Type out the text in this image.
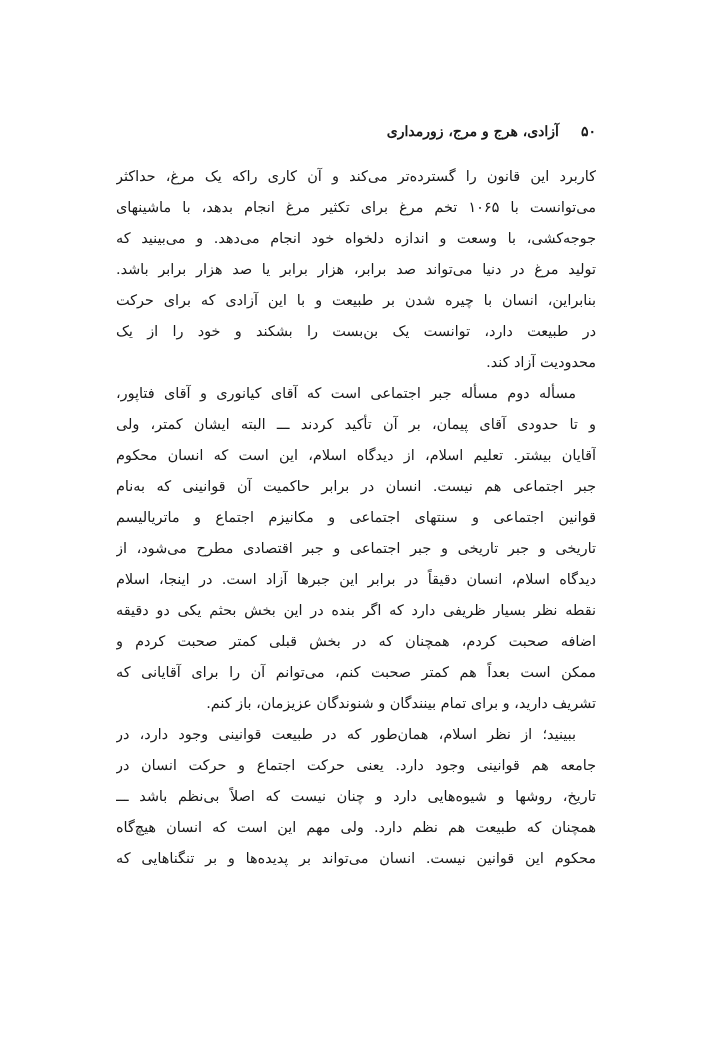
۵۰
آزادی، هرج و مرج، زورمداری
کاربرد این قانون را گسترده‌تر می‌کند و آن کاری راکه یک مرغ، حداکثر
می‌توانست با ۱۰۶۵ تخم مرغ برای تکثیر مرغ انجام بدهد، با ماشینهای
جوجه‌کشی، با وسعت و اندازه دلخواه خود انجام می‌دهد. و می‌بینید که
تولید مرغ در دنیا می‌تواند صد برابر، هزار برابر یا صد هزار برابر باشد.
بنابراین، انسان با چیره شدن بر طبیعت و با این آزادی که برای حرکت
در طبیعت دارد، توانست یک بن‌بست را بشکند و خود را از یک
محدودیت آزاد کند.
مسأله دوم مسأله جبر اجتماعی است که آقای کیانوری و آقای فتاپور،
و تا حدودی آقای پیمان، بر آن تأکید کردند ـــ البته ایشان کمتر، ولی
آقایان بیشتر. تعلیم اسلام، از دیدگاه اسلام، این است که انسان محکوم
جبر اجتماعی هم نیست. انسان در برابر حاکمیت آن قوانینی که به‌نام
قوانین اجتماعی و سنتهای اجتماعی و مکانیزم اجتماع و ماتریالیسم
تاریخی و جبر تاریخی و جبر اجتماعی و جبر اقتصادی مطرح می‌شود، از
دیدگاه اسلام، انسان دقیقاً در برابر این جبرها آزاد است. در اینجا، اسلام
نقطه نظر بسیار ظریفی دارد که اگر بنده در این بخش بحثم یکی دو دقیقه
اضافه صحبت کردم، همچنان که در بخش قبلی کمتر صحبت کردم و
ممکن است بعداً هم کمتر صحبت کنم، می‌توانم آن را برای آقایانی که
تشریف دارید، و برای تمام بینندگان و شنوندگان عزیزمان، باز کنم.
ببینید؛ از نظر اسلام، همان‌طور که در طبیعت قوانینی وجود دارد، در
جامعه هم قوانینی وجود دارد. یعنی حرکت اجتماع و حرکت انسان در
تاریخ، روشها و شیوه‌هایی دارد و چنان نیست که اصلاً بی‌نظم باشد ـــ
همچنان که طبیعت هم نظم دارد. ولی مهم این است که انسان هیچ‌گاه
محکوم این قوانین نیست. انسان می‌تواند بر پدیده‌ها و بر تنگناهایی که
